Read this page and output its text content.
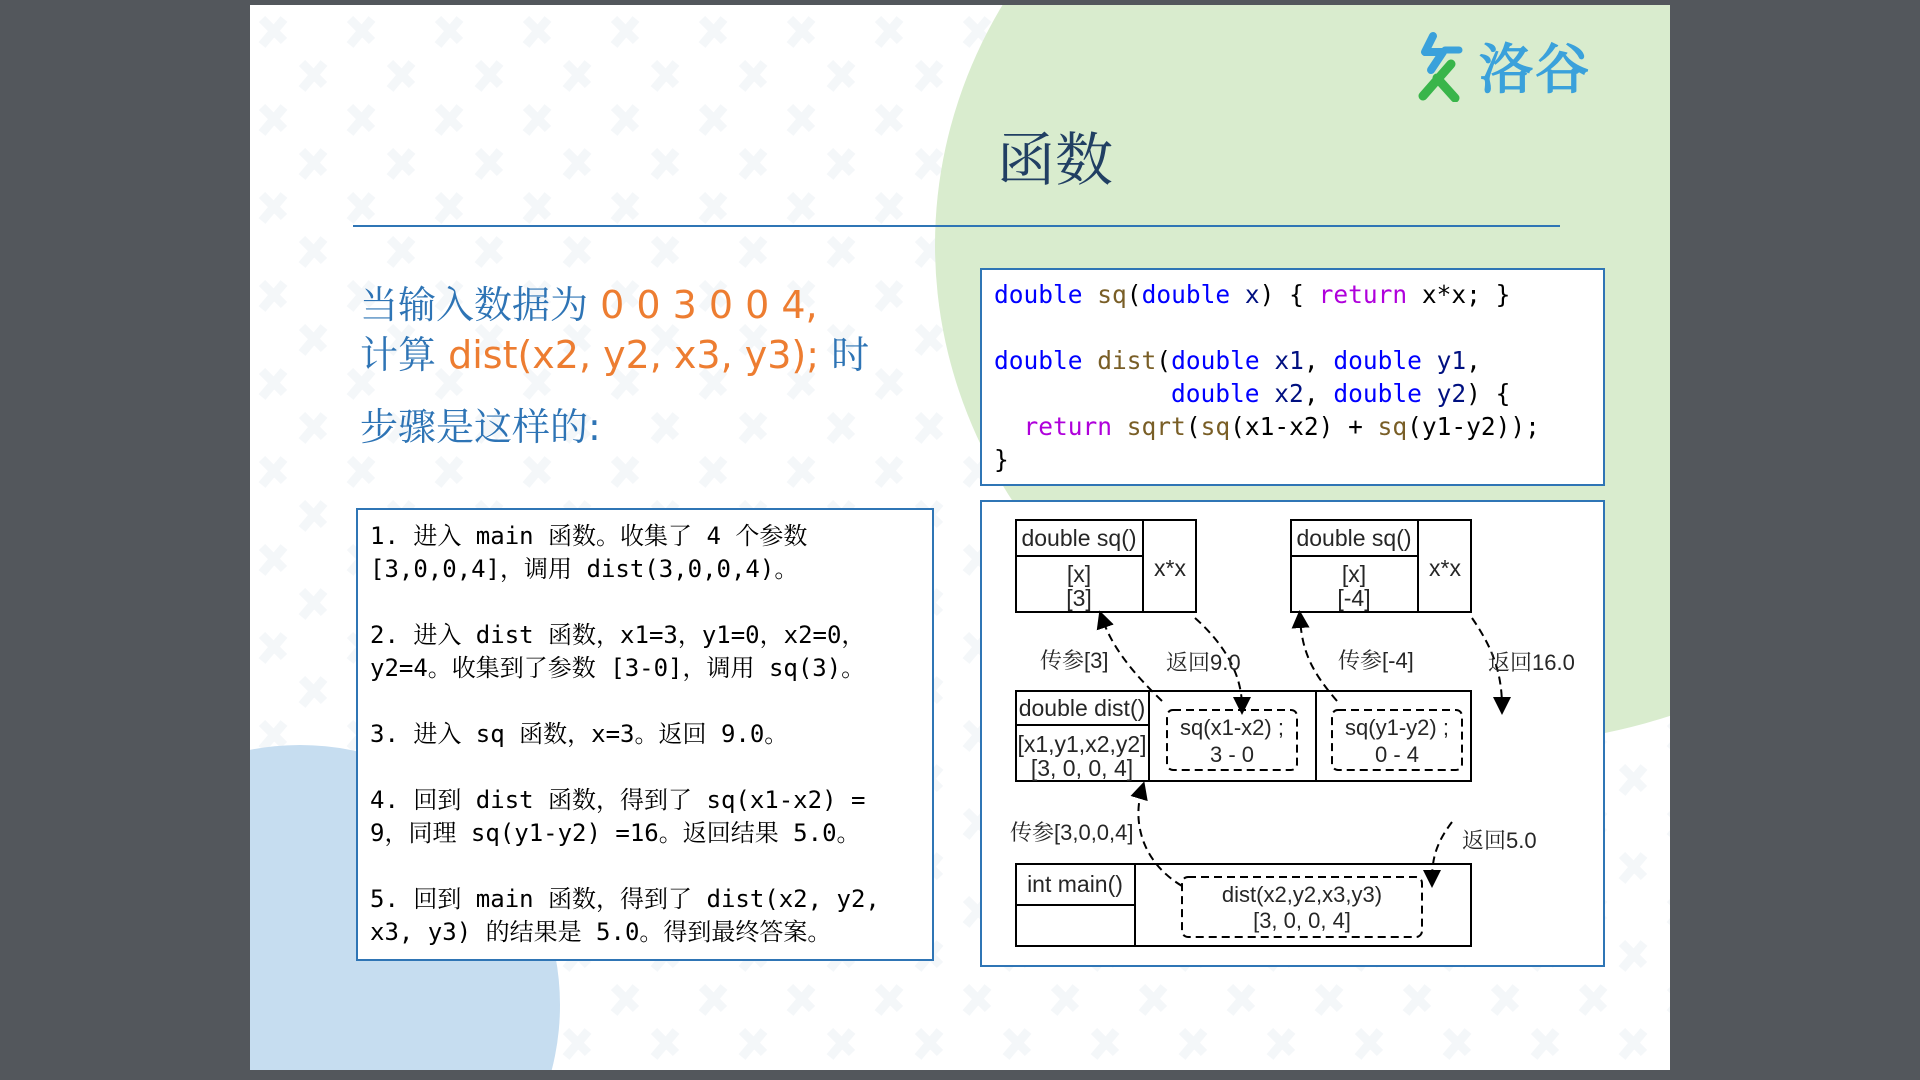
洛谷
函数
当输入数据为 0 0 3 0 0 4,
计算 dist(x2, y2, x3, y3); 时
步骤是这样的:
1. 进入 main 函数。收集了 4 个参数
[3,0,0,4]，调用 dist(3,0,0,4)。
2. 进入 dist 函数，x1=3，y1=0，x2=0，
y2=4。收集到了参数 [3-0]，调用 sq(3)。
3. 进入 sq 函数，x=3。返回 9.0。
4. 回到 dist 函数，得到了 sq(x1-x2) =
9，同理 sq(y1-y2) =16。返回结果 5.0。
5. 回到 main 函数，得到了 dist(x2, y2,
x3, y3) 的结果是 5.0。得到最终答案。
double sq(double x) { return x*x; }
double dist(double x1, double y1,
double x2, double y2) {
return sqrt(sq(x1-x2) + sq(y1-y2));
}
double sq()
[x]
[3]
x*x
double sq()
[x]
[-4]
x*x
传参[3]	返回9.0	传参[-4]	返回16.0
double dist()
[x1,y1,x2,y2]
[3, 0, 0, 4]
sq(x1-x2) ;
3 - 0
sq(y1-y2) ;
0 - 4
传参[3,0,0,4]	返回5.0
int main()	dist(x2,y2,x3,y3)
[3, 0, 0, 4]
